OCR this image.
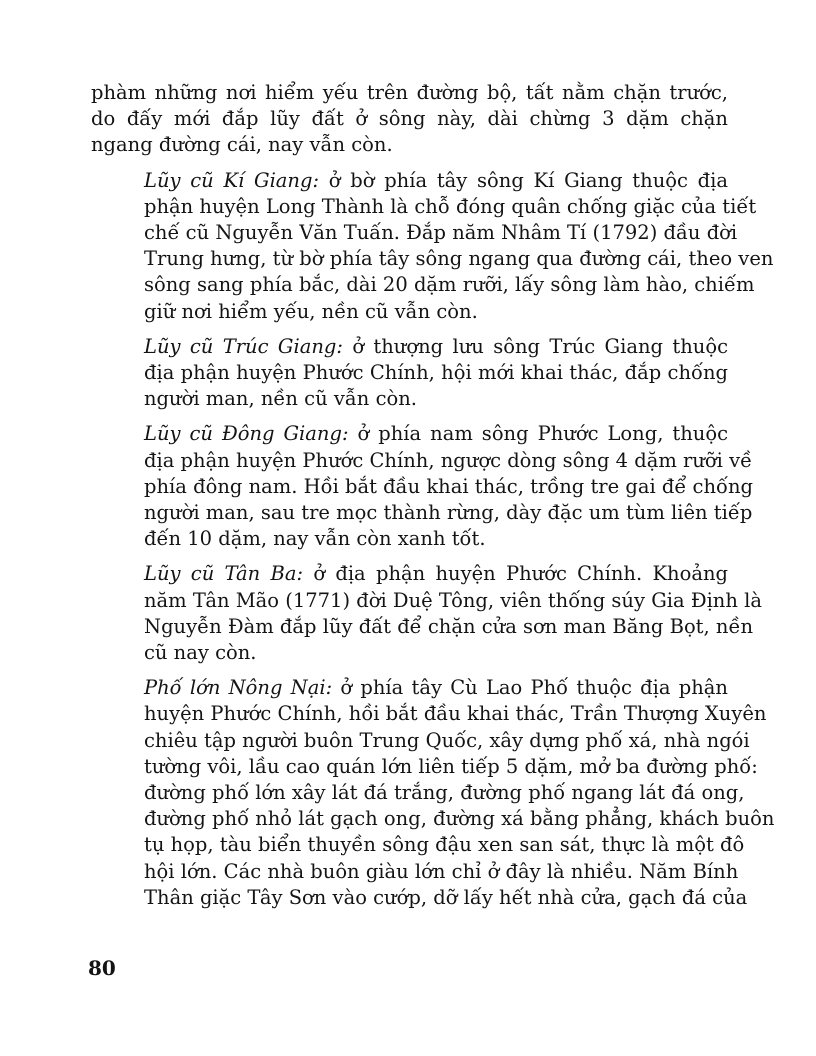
phàm những nơi hiểm yếu trên đường bộ, tất nằm chặn trước,
do đấy mới đắp lũy đất ở sông này, dài chừng 3 dặm chặn
ngang đường cái, nay vẫn còn.

Lũy cũ Kí Giang: ở bờ phía tây sông Kí Giang thuộc địa
phận huyện Long Thành là chỗ đóng quân chống giặc của tiết
chế cũ Nguyễn Văn Tuấn. Đắp năm Nhâm Tí (1792) đầu đời
Trung hưng, từ bờ phía tây sông ngang qua đường cái, theo ven
sông sang phía bắc, dài 20 dặm rưỡi, lấy sông làm hào, chiếm
giữ nơi hiểm yếu, nền cũ vẫn còn.

Lũy cũ Trúc Giang: ở thượng lưu sông Trúc Giang thuộc
địa phận huyện Phước Chính, hội mới khai thác, đắp chống
người man, nền cũ vẫn còn.

Lũy cũ Đông Giang: ở phía nam sông Phước Long, thuộc
địa phận huyện Phước Chính, ngược dòng sông 4 dặm rưỡi về
phía đông nam. Hồi bắt đầu khai thác, trồng tre gai để chống
người man, sau tre mọc thành rừng, dày đặc um tùm liên tiếp
đến 10 dặm, nay vẫn còn xanh tốt.

Lũy cũ Tân Ba: ở địa phận huyện Phước Chính. Khoảng
năm Tân Mão (1771) đời Duệ Tông, viên thống súy Gia Định là
Nguyễn Đàm đắp lũy đất để chặn cửa sơn man Băng Bọt, nền
cũ nay còn.

Phố lớn Nông Nại: ở phía tây Cù Lao Phố thuộc địa phận
huyện Phước Chính, hồi bắt đầu khai thác, Trần Thượng Xuyên
chiêu tập người buôn Trung Quốc, xây dựng phố xá, nhà ngói
tường vôi, lầu cao quán lớn liên tiếp 5 dặm, mở ba đường phố:
đường phố lớn xây lát đá trắng, đường phố ngang lát đá ong,
đường phố nhỏ lát gạch ong, đường xá bằng phẳng, khách buôn
tụ họp, tàu biển thuyền sông đậu xen san sát, thực là một đô
hội lớn. Các nhà buôn giàu lớn chỉ ở đây là nhiều. Năm Bính
Thân giặc Tây Sơn vào cướp, dỡ lấy hết nhà cửa, gạch đá của

80
